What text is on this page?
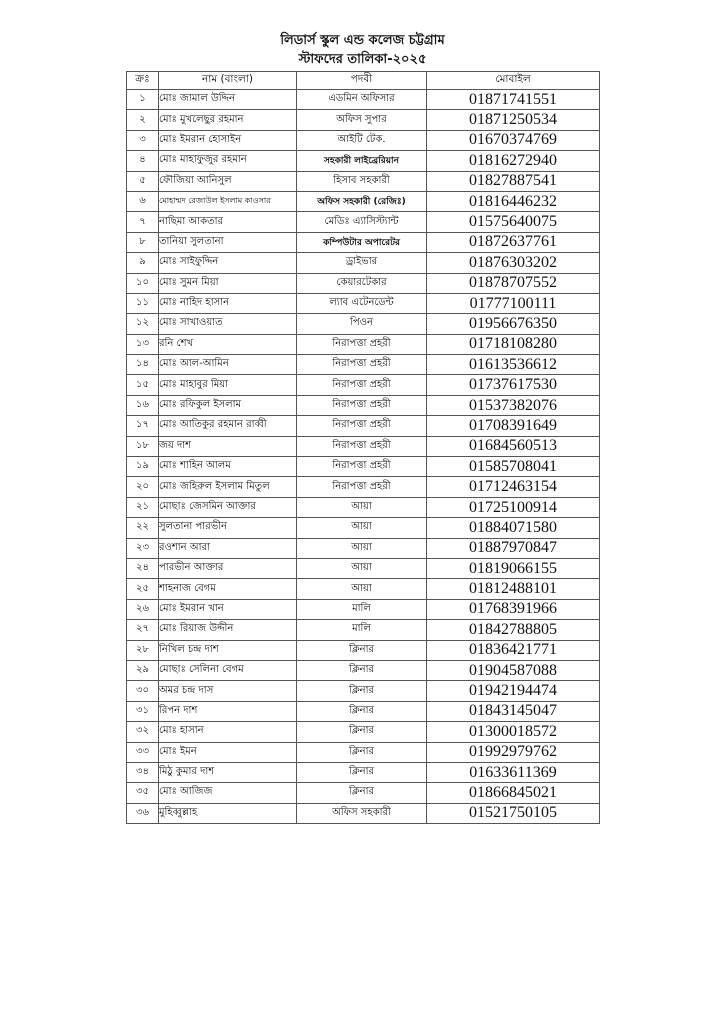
লিডার্স স্কুল এন্ড কলেজ চট্টগ্রাম
স্টাফদের তালিকা-২০২৫
ক্রঃ	নাম (বাংলা)	পদবী	মোবাইল
১	মোঃ জামাল উদ্দিন	এডমিন অফিসার	01871741551
২	মোঃ মুখলেছুর রহমান	অফিস সুপার	01871250534
৩	মোঃ ইমরান হোসাইন	আইটি টেক.	01670374769
৪	মোঃ মাহাফুজুর রহমান	সহকারী লাইব্রেরিয়ান	01816272940
৫	ফৌজিয়া আনিসুল	হিসাব সহকারী	01827887541
৬	মোহাম্মদ রেজাউল ইসলাম কাওসার	অফিস সহকারী (রেজিঃ)	01816446232
৭	নাছিমা আকতার	মেডিঃ এ্যাসিস্ট্যান্ট	01575640075
৮	তানিয়া সুলতানা	কম্পিউটার অপারেটর	01872637761
৯	মোঃ সাইফুদ্দিন	ড্রাইভার	01876303202
১০	মোঃ সুমন মিয়া	কেয়ারটেকার	01878707552
১১	মোঃ নাহিদ হাসান	ল্যাব এটেনডেন্ট	01777100111
১২	মোঃ সাখাওয়াত	পিওন	01956676350
১৩	রনি শেখ	নিরাপত্তা প্রহরী	01718108280
১৪	মোঃ আল-আমিন	নিরাপত্তা প্রহরী	01613536612
১৫	মোঃ মাহাবুর মিয়া	নিরাপত্তা প্রহরী	01737617530
১৬	মোঃ রফিকুল ইসলাম	নিরাপত্তা প্রহরী	01537382076
১৭	মোঃ আতিকুর রহমান রাব্বী	নিরাপত্তা প্রহরী	01708391649
১৮	জয় দাশ	নিরাপত্তা প্রহরী	01684560513
১৯	মোঃ শাহিন আলম	নিরাপত্তা প্রহরী	01585708041
২০	মোঃ জহিরুল ইসলাম মিতুল	নিরাপত্তা প্রহরী	01712463154
২১	মোছাঃ জেসমিন আক্তার	আয়া	01725100914
২২	সুলতানা পারভীন	আয়া	01884071580
২৩	রওশান আরা	আয়া	01887970847
২৪	পারভীন আক্তার	আয়া	01819066155
২৫	শাহনাজ বেগম	আয়া	01812488101
২৬	মোঃ ইমরান খান	মালি	01768391966
২৭	মোঃ রিয়াজ উদ্দীন	মালি	01842788805
২৮	নিখিল চন্দ্র দাশ	ক্লিনার	01836421771
২৯	মোছাঃ সেলিনা বেগম	ক্লিনার	01904587088
৩০	অমর চন্দ্র দাস	ক্লিনার	01942194474
৩১	রিপন দাশ	ক্লিনার	01843145047
৩২	মোঃ হাসান	ক্লিনার	01300018572
৩৩	মোঃ ইমন	ক্লিনার	01992979762
৩৪	মিঠু কুমার দাশ	ক্লিনার	01633611369
৩৫	মোঃ আজিজ	ক্লিনার	01866845021
৩৬	মুহিব্বুল্লাহ	অফিস সহকারী	01521750105
